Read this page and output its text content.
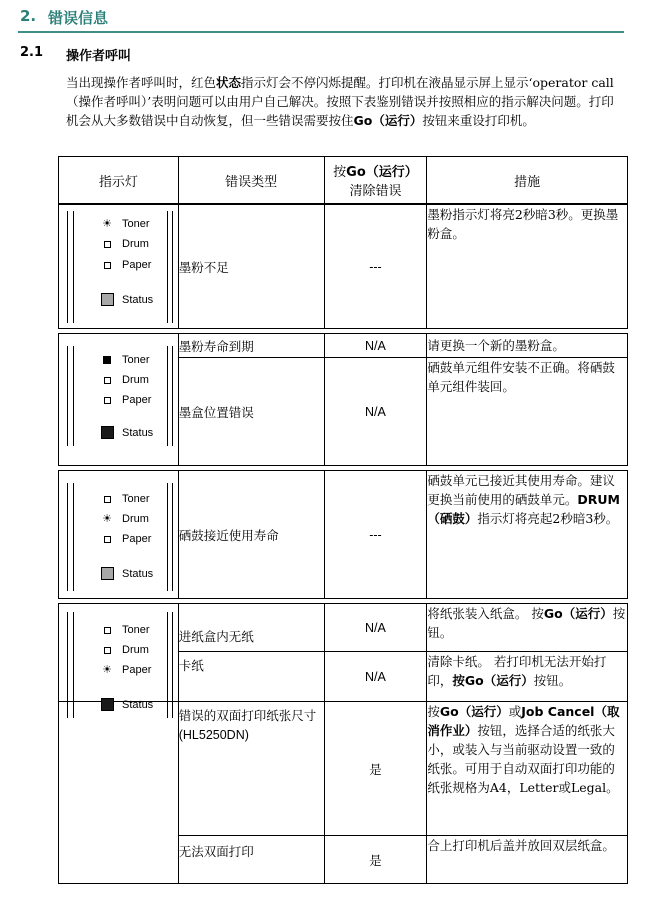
2. 错误信息
2.1 操作者呼叫
当出现操作者呼叫时，红色状态指示灯会不停闪烁提醒。打印机在液晶显示屏上显示‘operator call（操作者呼叫）’表明问题可以由用户自己解决。按照下表鉴别错误并按照相应的指示解决问题。打印机会从大多数错误中自动恢复，但一些错误需要按住Go（运行）按钮来重设打印机。
指示灯	错误类型	按Go（运行）
清除错误	措施

☀ Toner
Drum
Paper
Status	墨粉不足	---	墨粉指示灯将亮2秒暗3秒。更换墨粉盒。

Toner
Drum
Paper
Status	墨粉寿命到期	N/A	请更换一个新的墨粉盒。
	墨盒位置错误	N/A	硒鼓单元组件安装不正确。将硒鼓单元组件装回。

Toner
☀ Drum
Paper
Status	硒鼓接近使用寿命	---	硒鼓单元已接近其使用寿命。建议更换当前使用的硒鼓单元。DRUM（硒鼓）指示灯将亮起2秒暗3秒。

Toner
Drum
☀ Paper
Status	进纸盒内无纸	N/A	将纸张装入纸盒。 按Go（运行）按钮。
	卡纸	N/A	清除卡纸。 若打印机无法开始打印，按Go（运行）按钮。
	错误的双面打印纸张尺寸
(HL5250DN)	是	按Go（运行）或Job Cancel（取消作业）按钮，选择合适的纸张大小，或装入与当前驱动设置一致的纸张。可用于自动双面打印功能的纸张规格为A4，Letter或Legal。
	无法双面打印	是	合上打印机后盖并放回双层纸盒。
